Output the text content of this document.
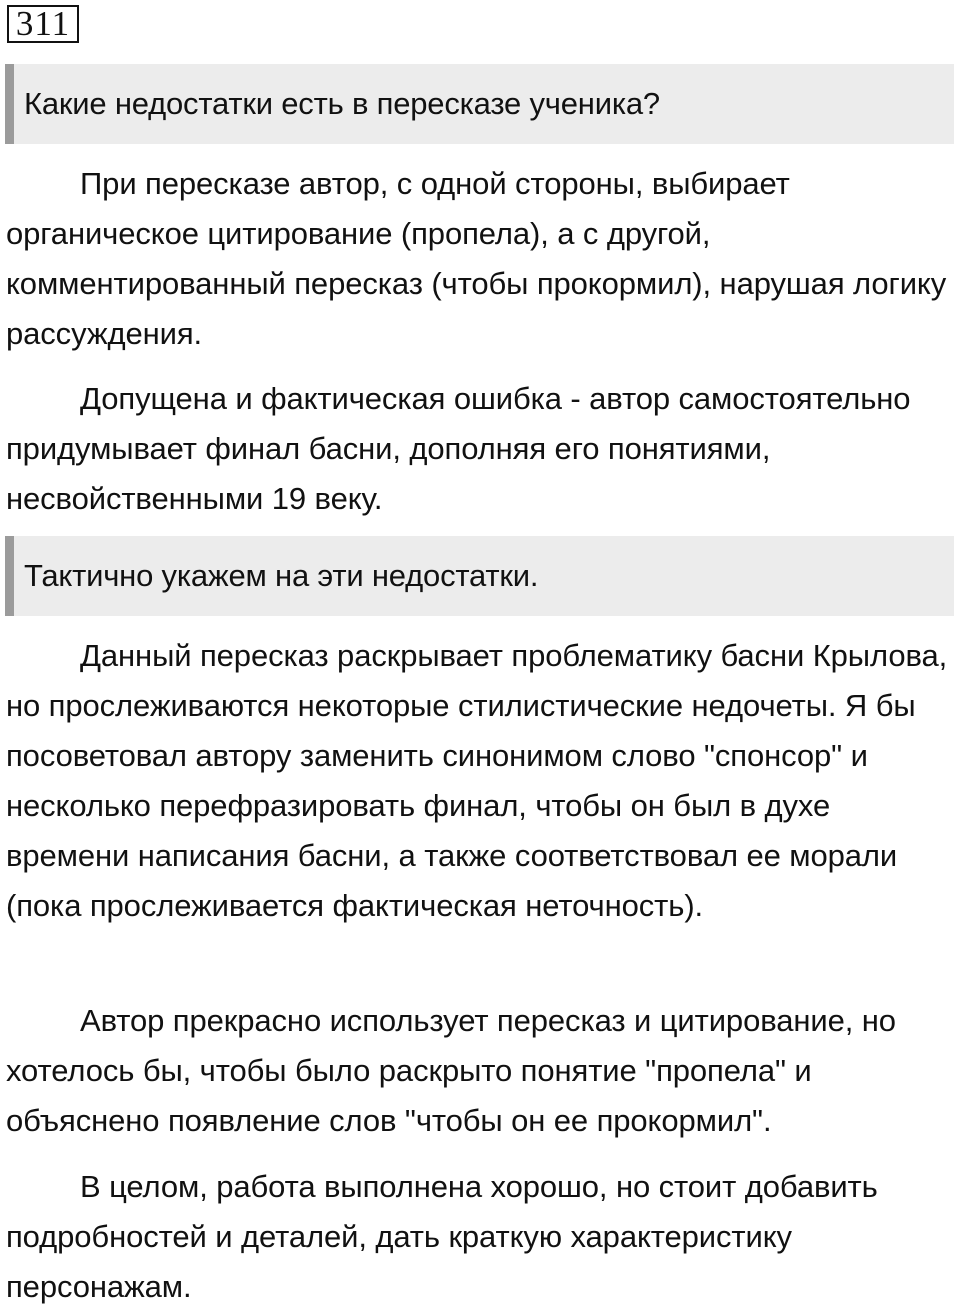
311
Какие недостатки есть в пересказе ученика?

При пересказе автор, с одной стороны, выбирает органическое цитирование (пропела), а с другой, комментированный пересказ (чтобы прокормил), нарушая логику рассуждения.

Допущена и фактическая ошибка - автор самостоятельно придумывает финал басни, дополняя его понятиями, несвойственными 19 веку.

Тактично укажем на эти недостатки.

Данный пересказ раскрывает проблематику басни Крылова, но прослеживаются некоторые стилистические недочеты. Я бы посоветовал автору заменить синонимом слово "спонсор" и несколько перефразировать финал, чтобы он был в духе времени написания басни, а также соответствовал ее морали (пока прослеживается фактическая неточность).

Автор прекрасно использует пересказ и цитирование, но хотелось бы, чтобы было раскрыто понятие "пропела" и объяснено появление слов "чтобы он ее прокормил".

В целом, работа выполнена хорошо, но стоит добавить подробностей и деталей, дать краткую характеристику персонажам.
